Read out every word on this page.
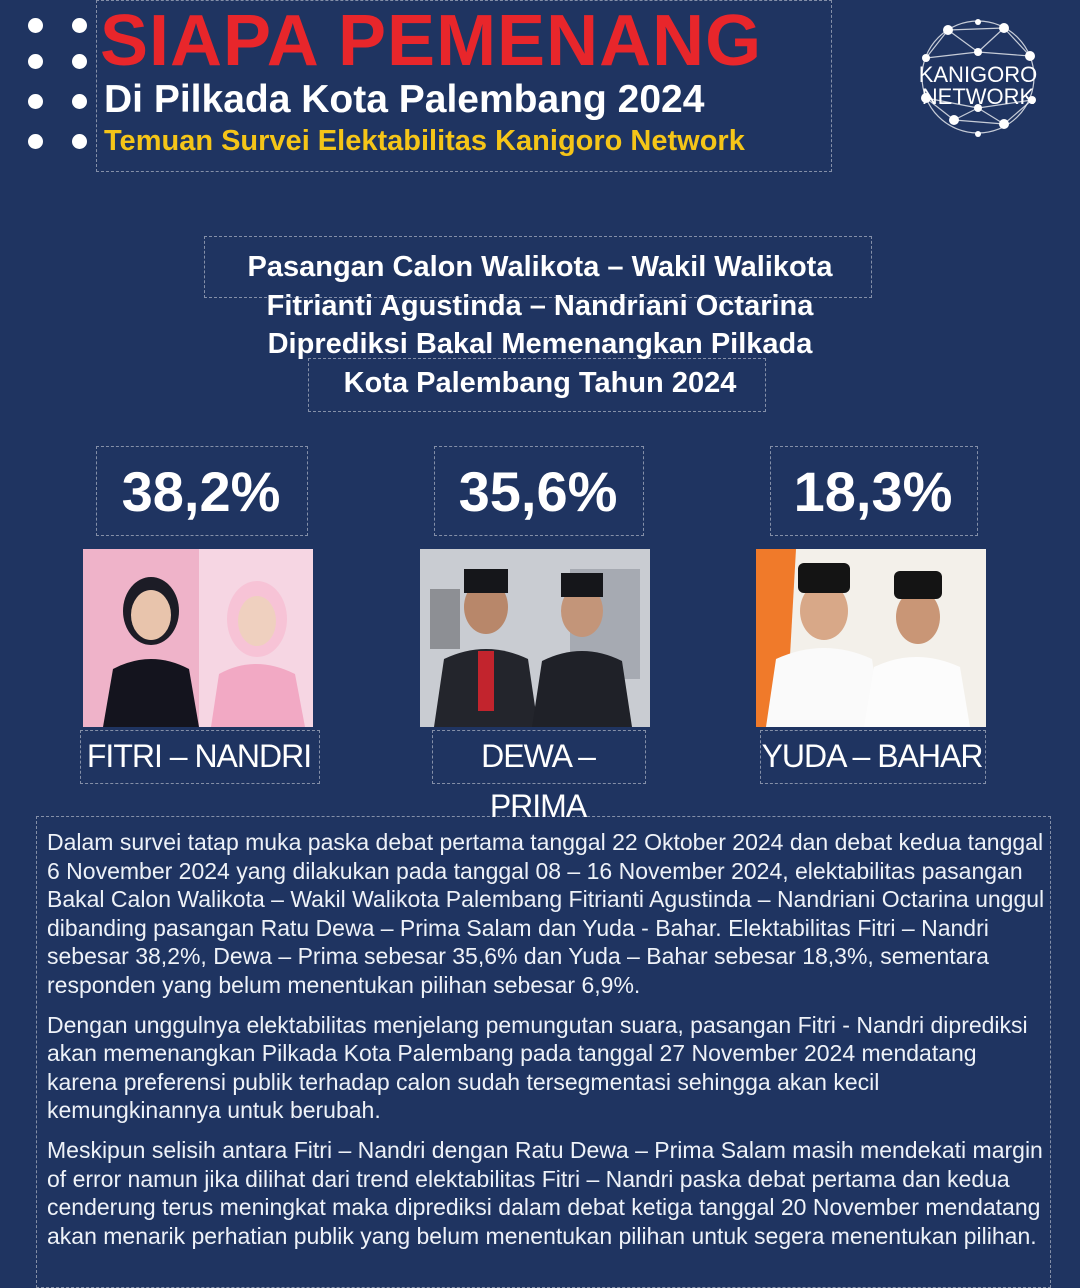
SIAPA PEMENANG
Di Pilkada Kota Palembang 2024
Temuan Survei Elektabilitas Kanigoro Network
KANIGORO
NETWORK
Pasangan Calon Walikota – Wakil Walikota
Fitrianti Agustinda – Nandriani Octarina
Diprediksi Bakal Memenangkan Pilkada
Kota Palembang Tahun 2024
38,2%
FITRI – NANDRI
35,6%
DEWA – PRIMA
18,3%
YUDA – BAHAR

Dalam survei tatap muka paska debat pertama tanggal 22 Oktober 2024 dan debat kedua tanggal 6 November 2024 yang dilakukan pada tanggal 08 – 16 November 2024, elektabilitas pasangan Bakal Calon Walikota – Wakil Walikota Palembang Fitrianti Agustinda – Nandriani Octarina unggul dibanding pasangan Ratu Dewa – Prima Salam dan Yuda - Bahar. Elektabilitas Fitri – Nandri sebesar 38,2%, Dewa – Prima sebesar 35,6% dan Yuda – Bahar sebesar 18,3%, sementara responden yang belum menentukan pilihan sebesar 6,9%.

Dengan unggulnya elektabilitas menjelang pemungutan suara, pasangan Fitri - Nandri diprediksi akan memenangkan Pilkada Kota Palembang pada tanggal 27 November 2024 mendatang karena preferensi publik terhadap calon sudah tersegmentasi sehingga akan kecil kemungkinannya untuk berubah.

Meskipun selisih antara Fitri – Nandri dengan Ratu Dewa – Prima Salam masih mendekati margin of error namun jika dilihat dari trend elektabilitas Fitri – Nandri paska debat pertama dan kedua cenderung terus meningkat maka diprediksi dalam debat ketiga tanggal 20 November mendatang akan menarik perhatian publik yang belum menentukan pilihan untuk segera menentukan pilihan.
